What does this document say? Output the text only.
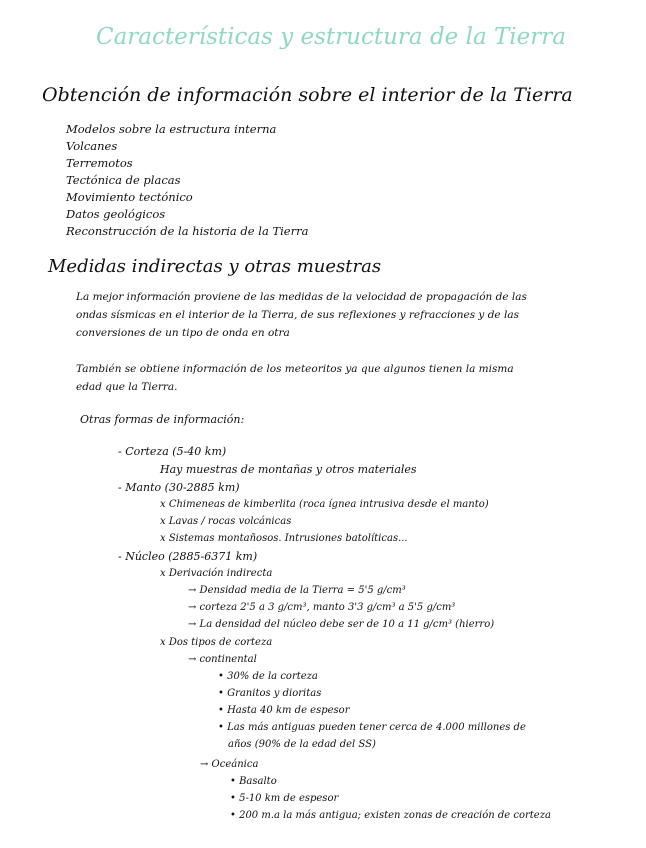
Características y estructura de la Tierra
Obtención de información sobre el interior de la Tierra
Modelos sobre la estructura interna
Volcanes
Terremotos
Tectónica de placas
Movimiento tectónico
Datos geológicos
Reconstrucción de la historia de la Tierra
Medidas indirectas y otras muestras
La mejor información proviene de las medidas de la velocidad de propagación de las
ondas sísmicas en el interior de la Tierra, de sus reflexiones y refracciones y de las
conversiones de un tipo de onda en otra
También se obtiene información de los meteoritos ya que algunos tienen la misma
edad que la Tierra.
Otras formas de información:
- Corteza (5-40 km)
Hay muestras de montañas y otros materiales
- Manto (30-2885 km)
x Chimeneas de kimberlita (roca ígnea intrusiva desde el manto)
x Lavas / rocas volcánicas
x Sistemas montañosos. Intrusiones batolíticas...
- Núcleo (2885-6371 km)
x Derivación indirecta
→ Densidad media de la Tierra = 5'5 g/cm³
→ corteza 2'5 a 3 g/cm³, manto 3'3 g/cm³ a 5'5 g/cm³
→ La densidad del núcleo debe ser de 10 a 11 g/cm³ (hierro)
x Dos tipos de corteza
→ continental
• 30% de la corteza
• Granitos y dioritas
• Hasta 40 km de espesor
• Las más antiguas pueden tener cerca de 4.000 millones de
años (90% de la edad del SS)
→ Oceánica
• Basalto
• 5-10 km de espesor
• 200 m.a la más antigua; existen zonas de creación de corteza
